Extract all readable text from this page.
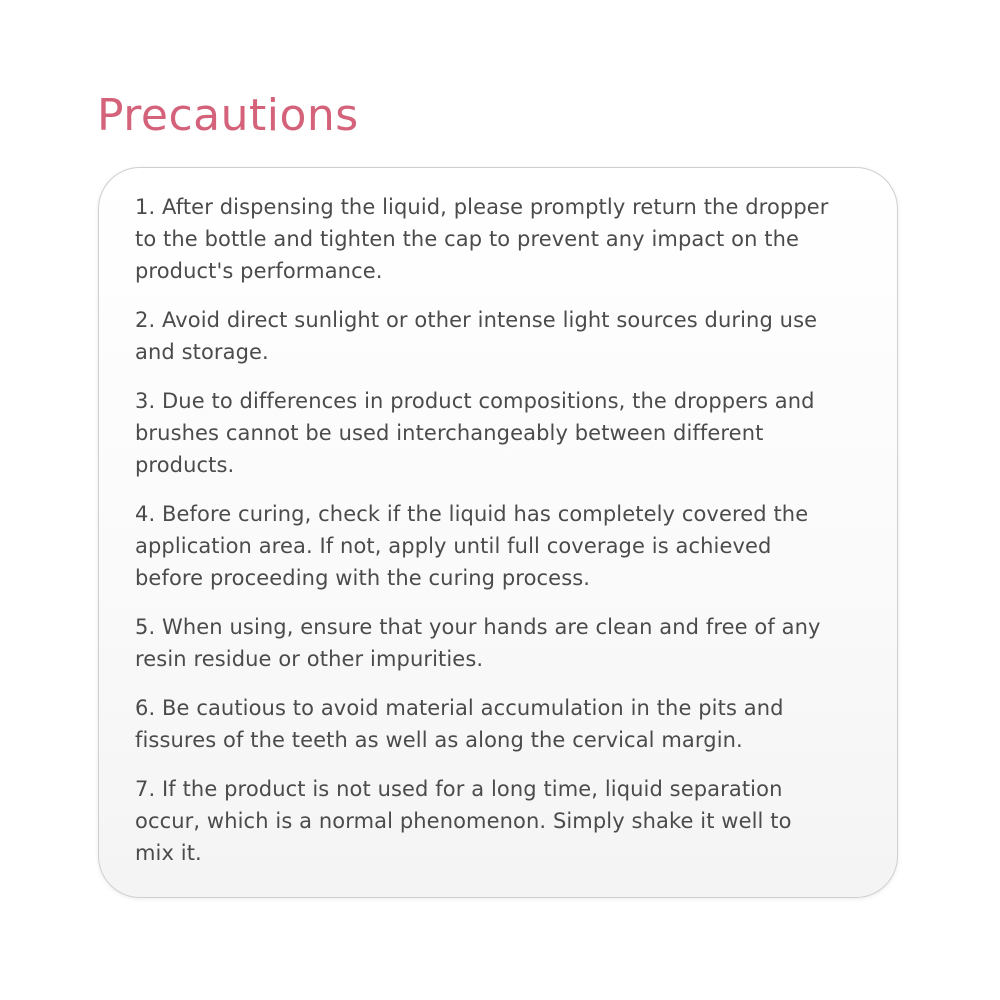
Precautions
1. After dispensing the liquid, please promptly return the dropper
to the bottle and tighten the cap to prevent any impact on the
product's performance.
2. Avoid direct sunlight or other intense light sources during use
and storage.
3. Due to differences in product compositions, the droppers and
brushes cannot be used interchangeably between different
products.
4. Before curing, check if the liquid has completely covered the
application area. If not, apply until full coverage is achieved
before proceeding with the curing process.
5. When using, ensure that your hands are clean and free of any
resin residue or other impurities.
6. Be cautious to avoid material accumulation in the pits and
fissures of the teeth as well as along the cervical margin.
7. If the product is not used for a long time, liquid separation
occur, which is a normal phenomenon. Simply shake it well to
mix it.
